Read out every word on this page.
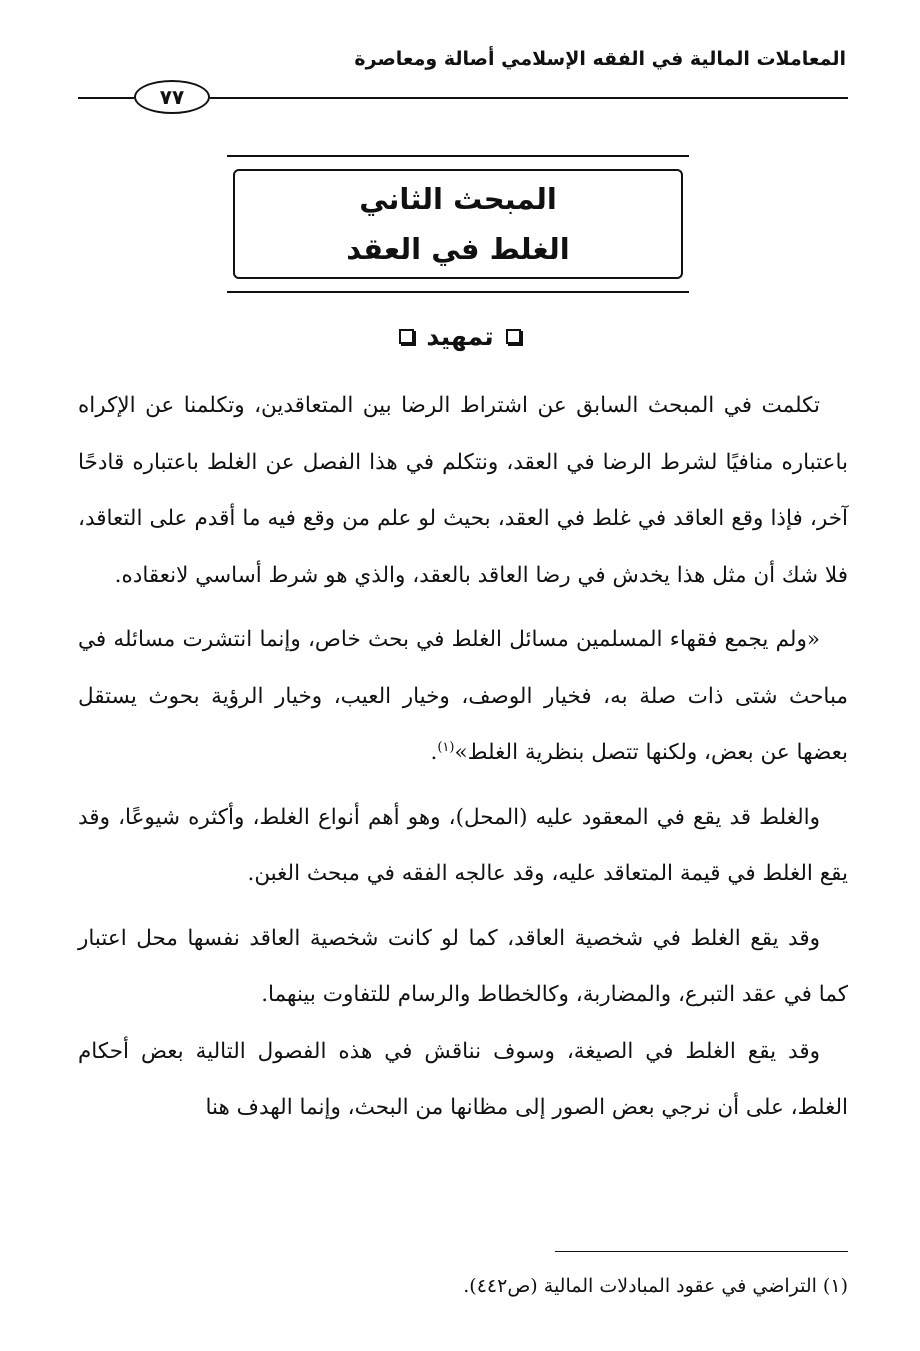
المعاملات المالية في الفقه الإسلامي أصالة ومعاصرة
٧٧
المبحث الثاني
الغلط في العقد
تمهيد

تكلمت في المبحث السابق عن اشتراط الرضا بين المتعاقدين، وتكلمنا عن الإكراه باعتباره منافيًا لشرط الرضا في العقد، ونتكلم في هذا الفصل عن الغلط باعتباره قادحًا آخر، فإذا وقع العاقد في غلط في العقد، بحيث لو علم من وقع فيه ما أقدم على التعاقد، فلا شك أن مثل هذا يخدش في رضا العاقد بالعقد، والذي هو شرط أساسي لانعقاده.

«ولم يجمع فقهاء المسلمين مسائل الغلط في بحث خاص، وإنما انتشرت مسائله في مباحث شتى ذات صلة به، فخيار الوصف، وخيار العيب، وخيار الرؤية بحوث يستقل بعضها عن بعض، ولكنها تتصل بنظرية الغلط»$^{(١)}$.

والغلط قد يقع في المعقود عليه (المحل)، وهو أهم أنواع الغلط، وأكثره شيوعًا، وقد يقع الغلط في قيمة المتعاقد عليه، وقد عالجه الفقه في مبحث الغبن.

وقد يقع الغلط في شخصية العاقد، كما لو كانت شخصية العاقد نفسها محل اعتبار كما في عقد التبرع، والمضاربة، وكالخطاط والرسام للتفاوت بينهما.

وقد يقع الغلط في الصيغة، وسوف نناقش في هذه الفصول التالية بعض أحكام الغلط، على أن نرجي بعض الصور إلى مظانها من البحث، وإنما الهدف هنا

(١) التراضي في عقود المبادلات المالية (ص٤٤٢).
